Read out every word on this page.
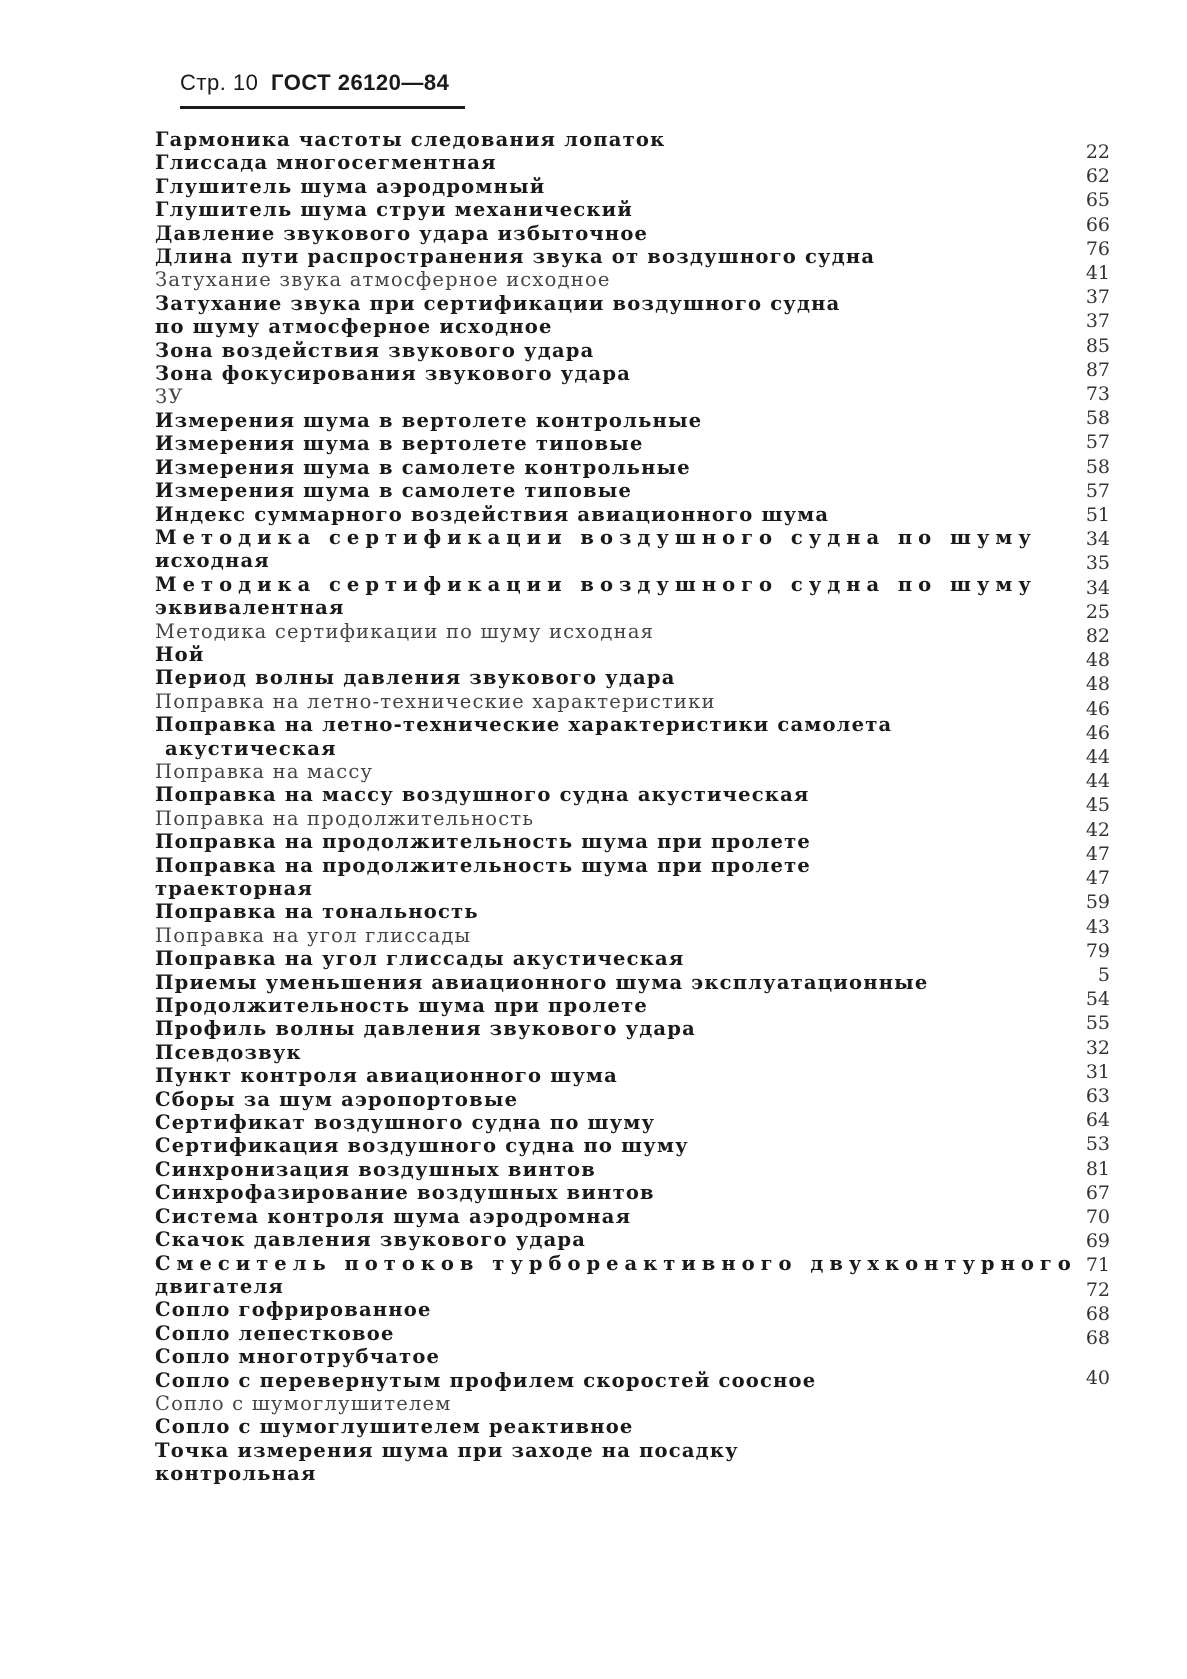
Стр. 10 ГОСТ 26120—84
Гармоника частоты следования лопаток
Глиссада многосегментная
Глушитель шума аэродромный
Глушитель шума струи механический
Давление звукового удара избыточное
Длина пути распространения звука от воздушного судна
Затухание звука атмосферное исходное
Затухание звука при сертификации воздушного судна
по шуму атмосферное исходное
Зона воздействия звукового удара
Зона фокусирования звукового удара
ЗУ
Измерения шума в вертолете контрольные
Измерения шума в вертолете типовые
Измерения шума в самолете контрольные
Измерения шума в самолете типовые
Индекс суммарного воздействия авиационного шума
Методика сертификации воздушного судна по шуму
исходная
Методика сертификации воздушного судна по шуму
эквивалентная
Методика сертификации по шуму исходная
Ной
Период волны давления звукового удара
Поправка на летно-технические характеристики
Поправка на летно-технические характеристики самолета
акустическая
Поправка на массу
Поправка на массу воздушного судна акустическая
Поправка на продолжительность
Поправка на продолжительность шума при пролете
Поправка на продолжительность шума при пролете
траекторная
Поправка на тональность
Поправка на угол глиссады
Поправка на угол глиссады акустическая
Приемы уменьшения авиационного шума эксплуатационные
Продолжительность шума при пролете
Профиль волны давления звукового удара
Псевдозвук
Пункт контроля авиационного шума
Сборы за шум аэропортовые
Сертификат воздушного судна по шуму
Сертификация воздушного судна по шуму
Синхронизация воздушных винтов
Синхрофазирование воздушных винтов
Система контроля шума аэродромная
Скачок давления звукового удара
Смеситель потоков турбореактивного двухконтурного
двигателя
Сопло гофрированное
Сопло лепестковое
Сопло многотрубчатое
Сопло с перевернутым профилем скоростей соосное
Сопло с шумоглушителем
Сопло с шумоглушителем реактивное
Точка измерения шума при заходе на посадку
контрольная
22
62
65
66
76
41
37
37
85
87
73
58
57
58
57
51
34
35
34
25
82
48
48
46
46
44
44
45
42
47
47
59
43
79
5
54
55
32
31
63
64
53
81
67
70
69
71
72
68
68
40
